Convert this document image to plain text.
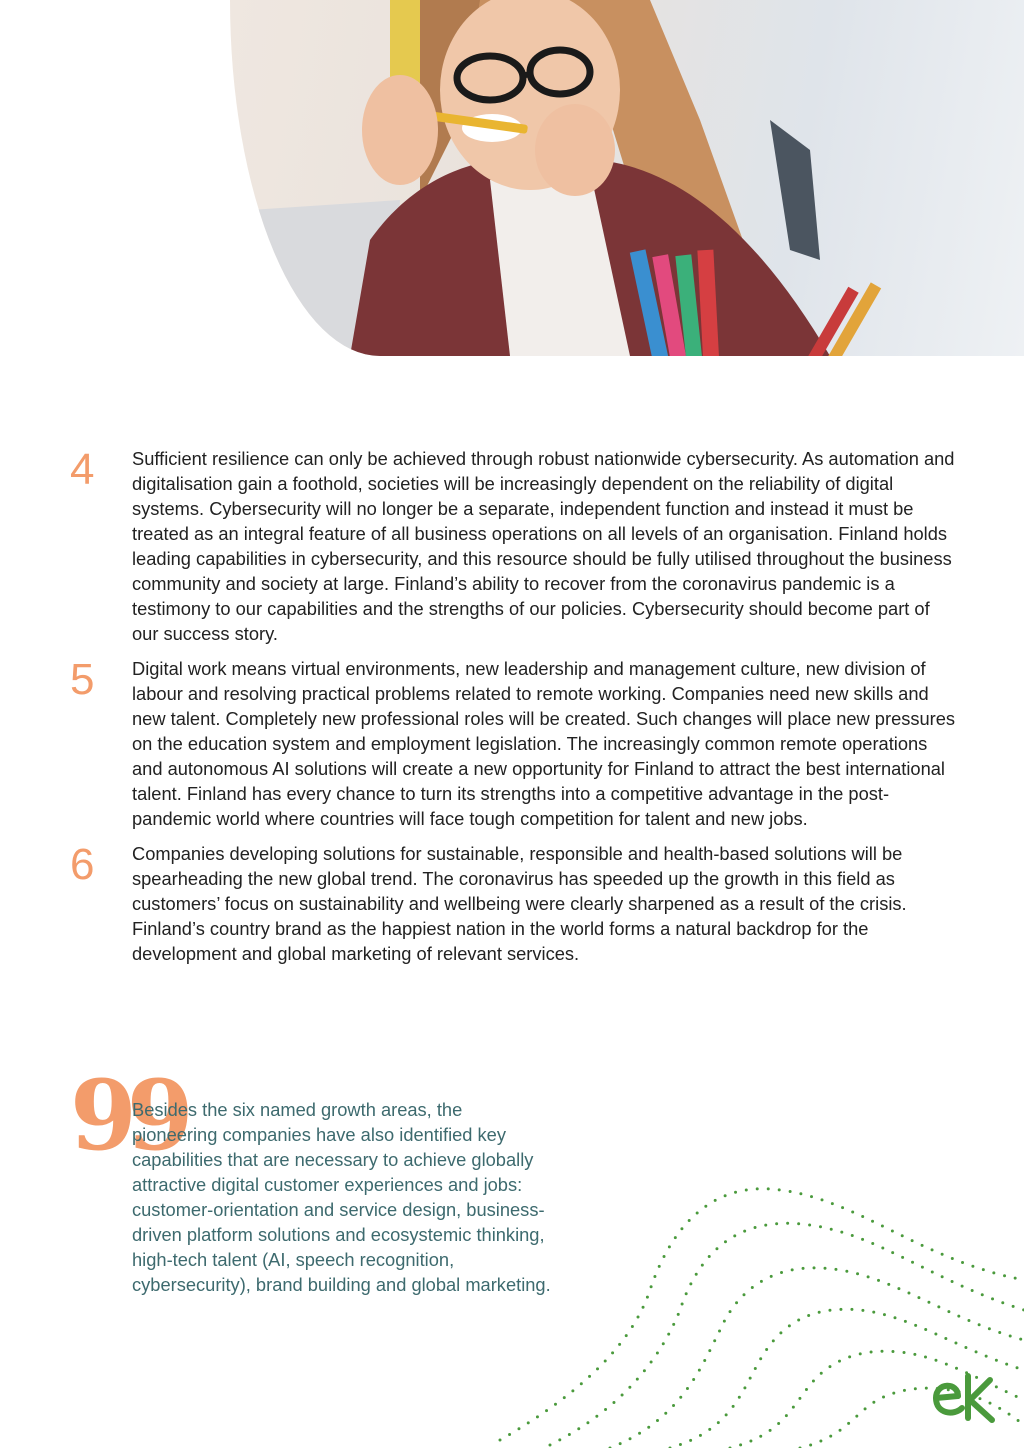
4	Sufficient resilience can only be achieved through robust nationwide cybersecurity. As automation and digitalisation gain a foothold, societies will be increasingly dependent on the reliability of digital systems. Cybersecurity will no longer be a separate, independent function and instead it must be treated as an integral feature of all business operations on all levels of an organisation. Finland holds leading capabilities in cybersecurity, and this resource should be fully utilised throughout the business community and society at large. Finland’s ability to recover from the coronavirus pandemic is a testimony to our capabilities and the strengths of our policies. Cybersecurity should become part of our success story.

5	Digital work means virtual environments, new leadership and management culture, new division of labour and resolving practical problems related to remote working. Companies need new skills and new talent. Completely new professional roles will be created. Such changes will place new pressures on the education system and employment legislation. The increasingly common remote operations and autonomous AI solutions will create a new opportunity for Finland to attract the best international talent. Finland has every chance to turn its strengths into a competitive advantage in the post-pandemic world where countries will face tough competition for talent and new jobs.

6	Companies developing solutions for sustainable, responsible and health-based solutions will be spearheading the new global trend. The coronavirus has speeded up the growth in this field as customers’ focus on sustainability and wellbeing were clearly sharpened as a result of the crisis. Finland’s country brand as the happiest nation in the world forms a natural backdrop for the development and global marketing of relevant services.

99

Besides the six named growth areas, the pioneering companies have also identified key capabilities that are necessary to achieve globally attractive digital customer experiences and jobs: customer-orientation and service design, business-driven platform solutions and ecosystemic thinking, high-tech talent (AI, speech recognition, cybersecurity), brand building and global marketing.
